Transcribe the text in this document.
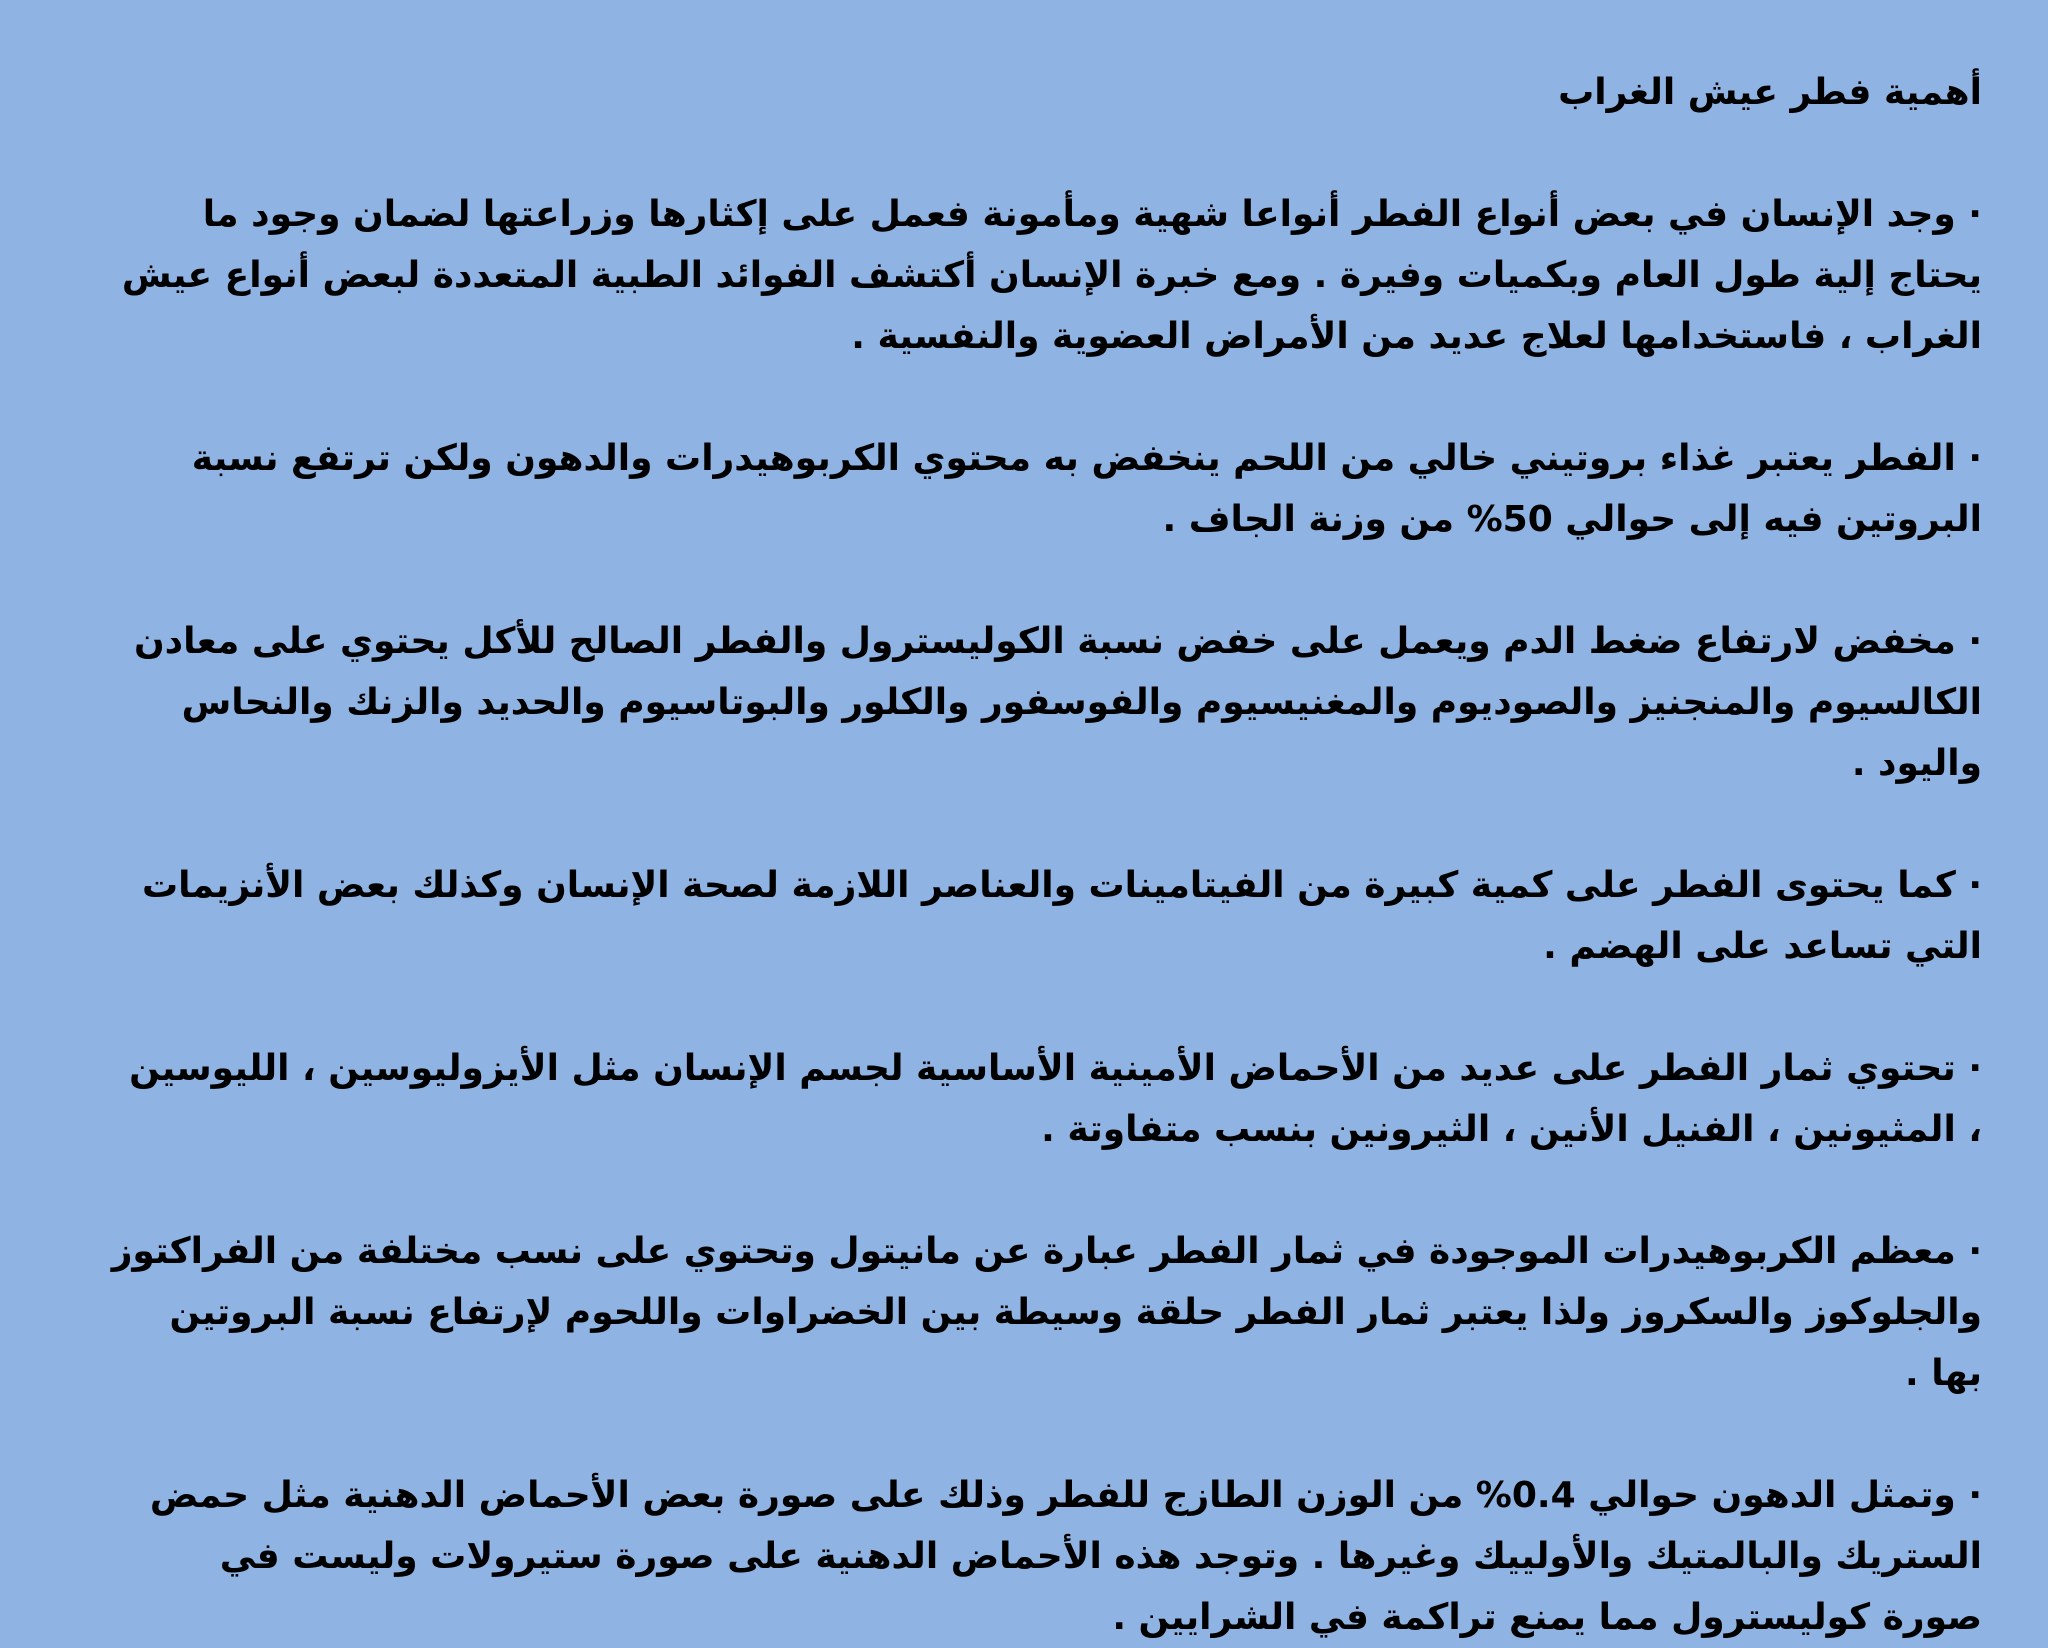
أهمية فطر عيش الغراب
· وجد الإنسان في بعض أنواع الفطر أنواعا شهية ومأمونة فعمل على إكثارها وزراعتها لضمان وجود ما يحتاج إلية طول العام وبكميات وفيرة . ومع خبرة الإنسان أكتشف الفوائد الطبية المتعددة لبعض أنواع عيش الغراب ، فاستخدامها لعلاج عديد من الأمراض العضوية والنفسية .
· الفطر يعتبر غذاء بروتيني خالي من اللحم ينخفض به محتوي الكربوهيدرات والدهون ولكن ترتفع نسبة البروتين فيه إلى حوالي 50% من وزنة الجاف .
· مخفض لارتفاع ضغط الدم ويعمل على خفض نسبة الكوليسترول والفطر الصالح للأكل يحتوي على معادن الكالسيوم والمنجنيز والصوديوم والمغنيسيوم والفوسفور والكلور والبوتاسيوم والحديد والزنك والنحاس واليود .
· كما يحتوى الفطر على كمية كبيرة من الفيتامينات والعناصر اللازمة لصحة الإنسان وكذلك بعض الأنزيمات التي تساعد على الهضم .
· تحتوي ثمار الفطر على عديد من الأحماض الأمينية الأساسية لجسم الإنسان مثل الأيزوليوسين ، الليوسين ، المثيونين ، الفنيل الأنين ، الثيرونين بنسب متفاوتة .
· معظم الكربوهيدرات الموجودة في ثمار الفطر عبارة عن مانيتول وتحتوي على نسب مختلفة من الفراكتوز والجلوكوز والسكروز ولذا يعتبر ثمار الفطر حلقة وسيطة بين الخضراوات واللحوم لإرتفاع نسبة البروتين بها .
· وتمثل الدهون حوالي 0.4% من الوزن الطازج للفطر وذلك على صورة بعض الأحماض الدهنية مثل حمض الستريك والبالمتيك والأولييك وغيرها . وتوجد هذه الأحماض الدهنية على صورة ستيرولات وليست في صورة كوليسترول مما يمنع تراكمة في الشرايين .
